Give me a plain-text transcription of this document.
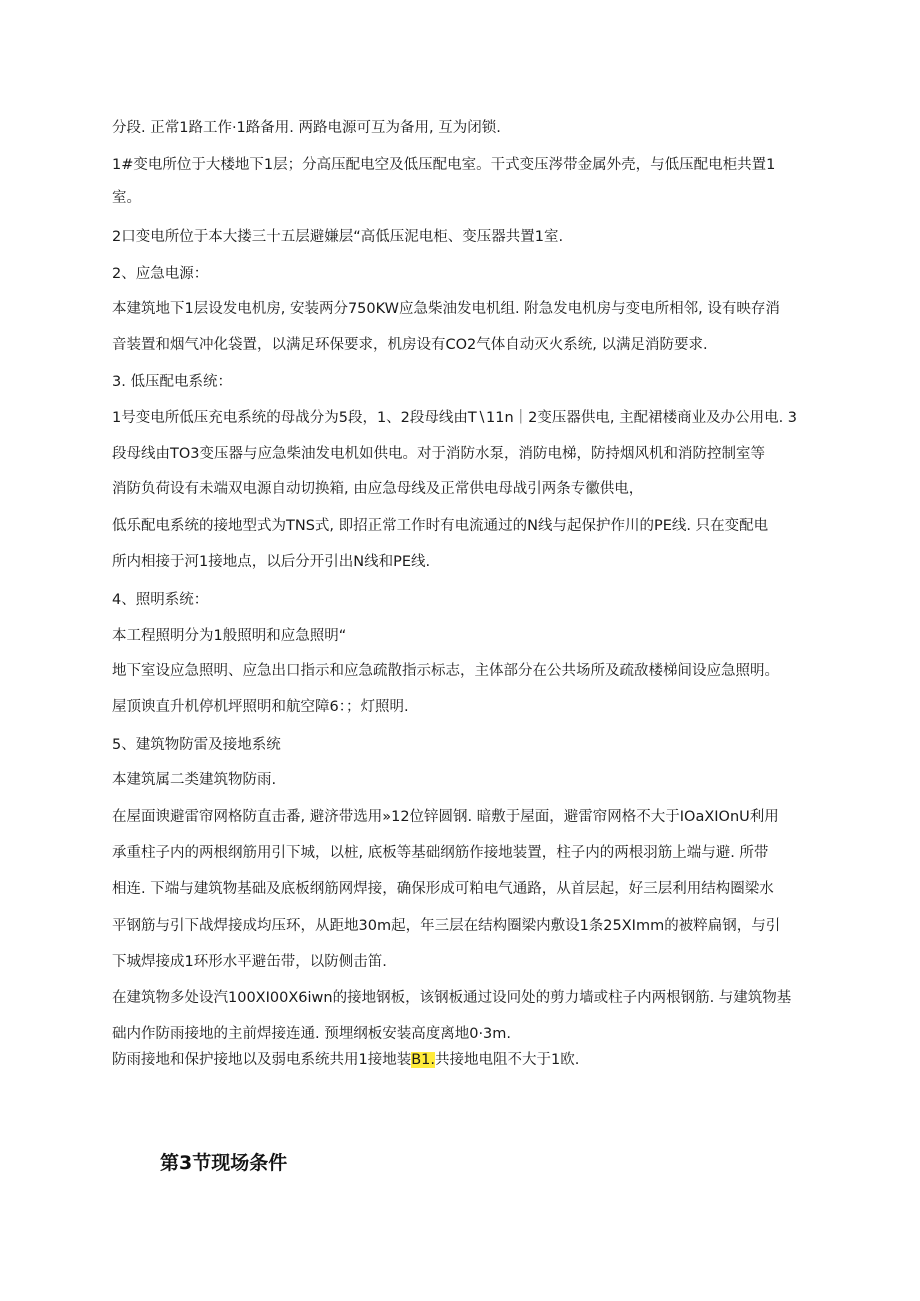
分段. 正常1路工作·1路备用. 两路电源可互为备用, 互为闭锁.
1#变电所位于大楼地下1层；分高压配电空及低压配电室。干式变压涔带金属外壳，与低压配电柜共置1
室。
2口变电所位于本大搂三十五层避嫌层“高低压泥电柜、变压器共置1室.
2、应急电源：
本建筑地下1层设发电机房, 安装两分750KW应急柴油发电机组. 附急发电机房与变电所相邻, 设有映存消
音装置和烟气冲化袋置，以满足环保要求，机房设有CO2气体自动灭火系统, 以满足消防要求.
3. 低压配电系统：
1号变电所低压充电系统的母战分为5段，1、2段母线由T∖11n｜2变压器供电, 主配裙楼商业及办公用电. 3
段母线由TO3变压器与应急柴油发电机如供电。对于消防水泵，消防电梯，防持烟风机和消防控制室等
消防负荷设有未端双电源自动切换箱, 由应急母线及正常供电母战引两条专徽供电，
低乐配电系统的接地型式为TNS式, 即招正常工作时有电流通过的N线与起保护作川的PE线. 只在变配电
所内相接于河1接地点，以后分开引出N线和PE线.
4、照明系统：
本工程照明分为1般照明和应急照明“
地下室设应急照明、应急出口指示和应急疏散指示标志，主体部分在公共场所及疏敌楼梯间设应急照明。
屋顶谀直升机停机坪照明和航空障6：；灯照明.
5、建筑物防雷及接地系统
本建筑属二类建筑物防雨.
在屋面谀避雷帘网格防直击番, 避济带选用»12位锌圆钢. 暗敷于屋面，避雷帘网格不大于IOaXIOnU利用
承重柱子内的两根纲筋用引下城，以桩, 底板等基础纲筋作接地装置，柱子内的两根羽筋上端与避. 所带
相连. 下端与建筑物基础及底板纲筋网焊接，确保形成可粕电气通路，从首层起，好三层利用结构圈梁水
平钢筋与引下战焊接成均压环，从距地30m起，年三层在结构圈梁内敷设1条25XImm的被粹扁钢，与引
下城焊接成1环形水平避缶带，以防侧击笛.
在建筑物多处设汽100XI00X6iwn的接地钢板，该钢板通过设冋处的剪力墙或柱子内两根钢筋. 与建筑物基
础内作防雨接地的主前焊接连通. 预埋纲板安装高度离地0·3m.
防雨接地和保护接地以及弱电系统共用1接地装B1.共接地电阻不大于1欧.
第3节现场条件
